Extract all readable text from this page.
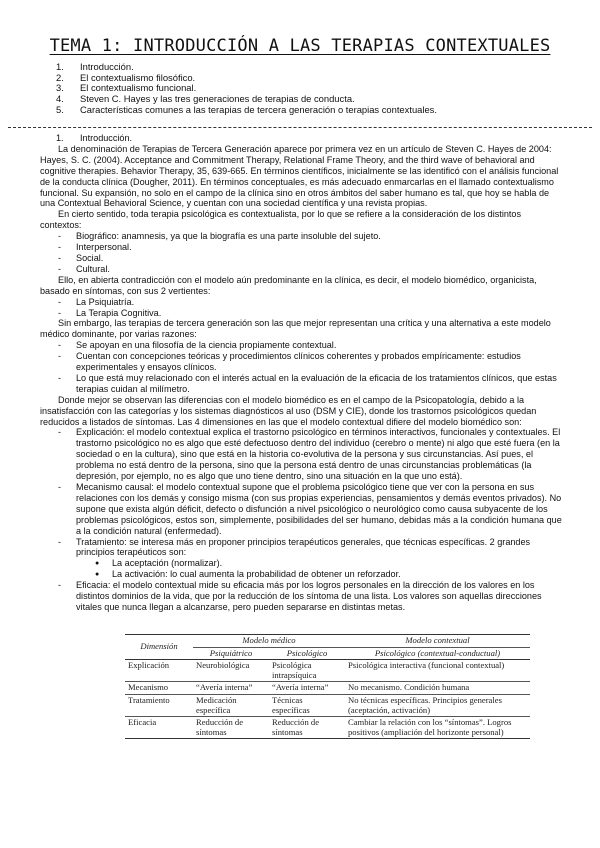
TEMA 1: INTRODUCCIÓN A LAS TERAPIAS CONTEXTUALES
1. Introducción.
2. El contextualismo filosófico.
3. El contextualismo funcional.
4. Steven C. Hayes y las tres generaciones de terapias de conducta.
5. Características comunes a las terapias de tercera generación o terapias contextuales.

1. Introducción.

La denominación de Terapias de Tercera Generación aparece por primera vez en un artículo de Steven C. Hayes de 2004: Hayes, S. C. (2004). Acceptance and Commitment Therapy, Relational Frame Theory, and the third wave of behavioral and cognitive therapies. Behavior Therapy, 35, 639-665. En términos científicos, inicialmente se las identificó con el análisis funcional de la conducta clínica (Dougher, 2011). En términos conceptuales, es más adecuado enmarcarlas en el llamado contextualismo funcional. Su expansión, no solo en el campo de la clínica sino en otros ámbitos del saber humano es tal, que hoy se habla de una Contextual Behavioral Science, y cuentan con una sociedad científica y una revista propias.

En cierto sentido, toda terapia psicológica es contextualista, por lo que se refiere a la consideración de los distintos contextos:

- Biográfico: anamnesis, ya que la biografía es una parte insoluble del sujeto.

- Interpersonal.

- Social.

- Cultural.

Ello, en abierta contradicción con el modelo aún predominante en la clínica, es decir, el modelo biomédico, organicista, basado en síntomas, con sus 2 vertientes:

- La Psiquiatría.

- La Terapia Cognitiva.

Sin embargo, las terapias de tercera generación son las que mejor representan una crítica y una alternativa a este modelo médico dominante, por varias razones:

- Se apoyan en una filosofía de la ciencia propiamente contextual.

- Cuentan con concepciones teóricas y procedimientos clínicos coherentes y probados empíricamente: estudios experimentales y ensayos clínicos.

- Lo que está muy relacionado con el interés actual en la evaluación de la eficacia de los tratamientos clínicos, que estas terapias cuidan al milímetro.

Donde mejor se observan las diferencias con el modelo biomédico es en el campo de la Psicopatología, debido a la insatisfacción con las categorías y los sistemas diagnósticos al uso (DSM y CIE), donde los trastornos psicológicos quedan reducidos a listados de síntomas. Las 4 dimensiones en las que el modelo contextual difiere del modelo biomédico son:

- Explicación: el modelo contextual explica el trastorno psicológico en términos interactivos, funcionales y contextuales. El trastorno psicológico no es algo que esté defectuoso dentro del individuo (cerebro o mente) ni algo que esté fuera (en la sociedad o en la cultura), sino que está en la historia co-evolutiva de la persona y sus circunstancias. Así pues, el problema no está dentro de la persona, sino que la persona está dentro de unas circunstancias problemáticas (la depresión, por ejemplo, no es algo que uno tiene dentro, sino una situación en la que uno está).

- Mecanismo causal: el modelo contextual supone que el problema psicológico tiene que ver con la persona en sus relaciones con los demás y consigo misma (con sus propias experiencias, pensamientos y demás eventos privados). No supone que exista algún déficit, defecto o disfunción a nivel psicológico o neurológico como causa subyacente de los problemas psicológicos, estos son, simplemente, posibilidades del ser humano, debidas más a la condición humana que a la condición natural (enfermedad).

- Tratamiento: se interesa más en proponer principios terapéuticos generales, que técnicas específicas. 2 grandes principios terapéuticos son:

● La aceptación (normalizar).

● La activación: lo cual aumenta la probabilidad de obtener un reforzador.

- Eficacia: el modelo contextual mide su eficacia más por los logros personales en la dirección de los valores en los distintos dominios de la vida, que por la reducción de los síntoma de una lista. Los valores son aquellas direcciones vitales que nunca llegan a alcanzarse, pero pueden separarse en distintas metas.

Dimensión	Modelo médico		Modelo contextual
	Psiquiátrico	Psicológico	Psicológico (contextual-conductual)
Explicación	Neurobiológica	Psicológica intrapsíquica	Psicológica interactiva (funcional contextual)
Mecanismo	“Avería interna”	“Avería interna”	No mecanismo. Condición humana
Tratamiento	Medicación específica	Técnicas específicas	No técnicas específicas. Principios generales (aceptación, activación)
Eficacia	Reducción de síntomas	Reducción de síntomas	Cambiar la relación con los “síntomas”. Logros positivos (ampliación del horizonte personal)
